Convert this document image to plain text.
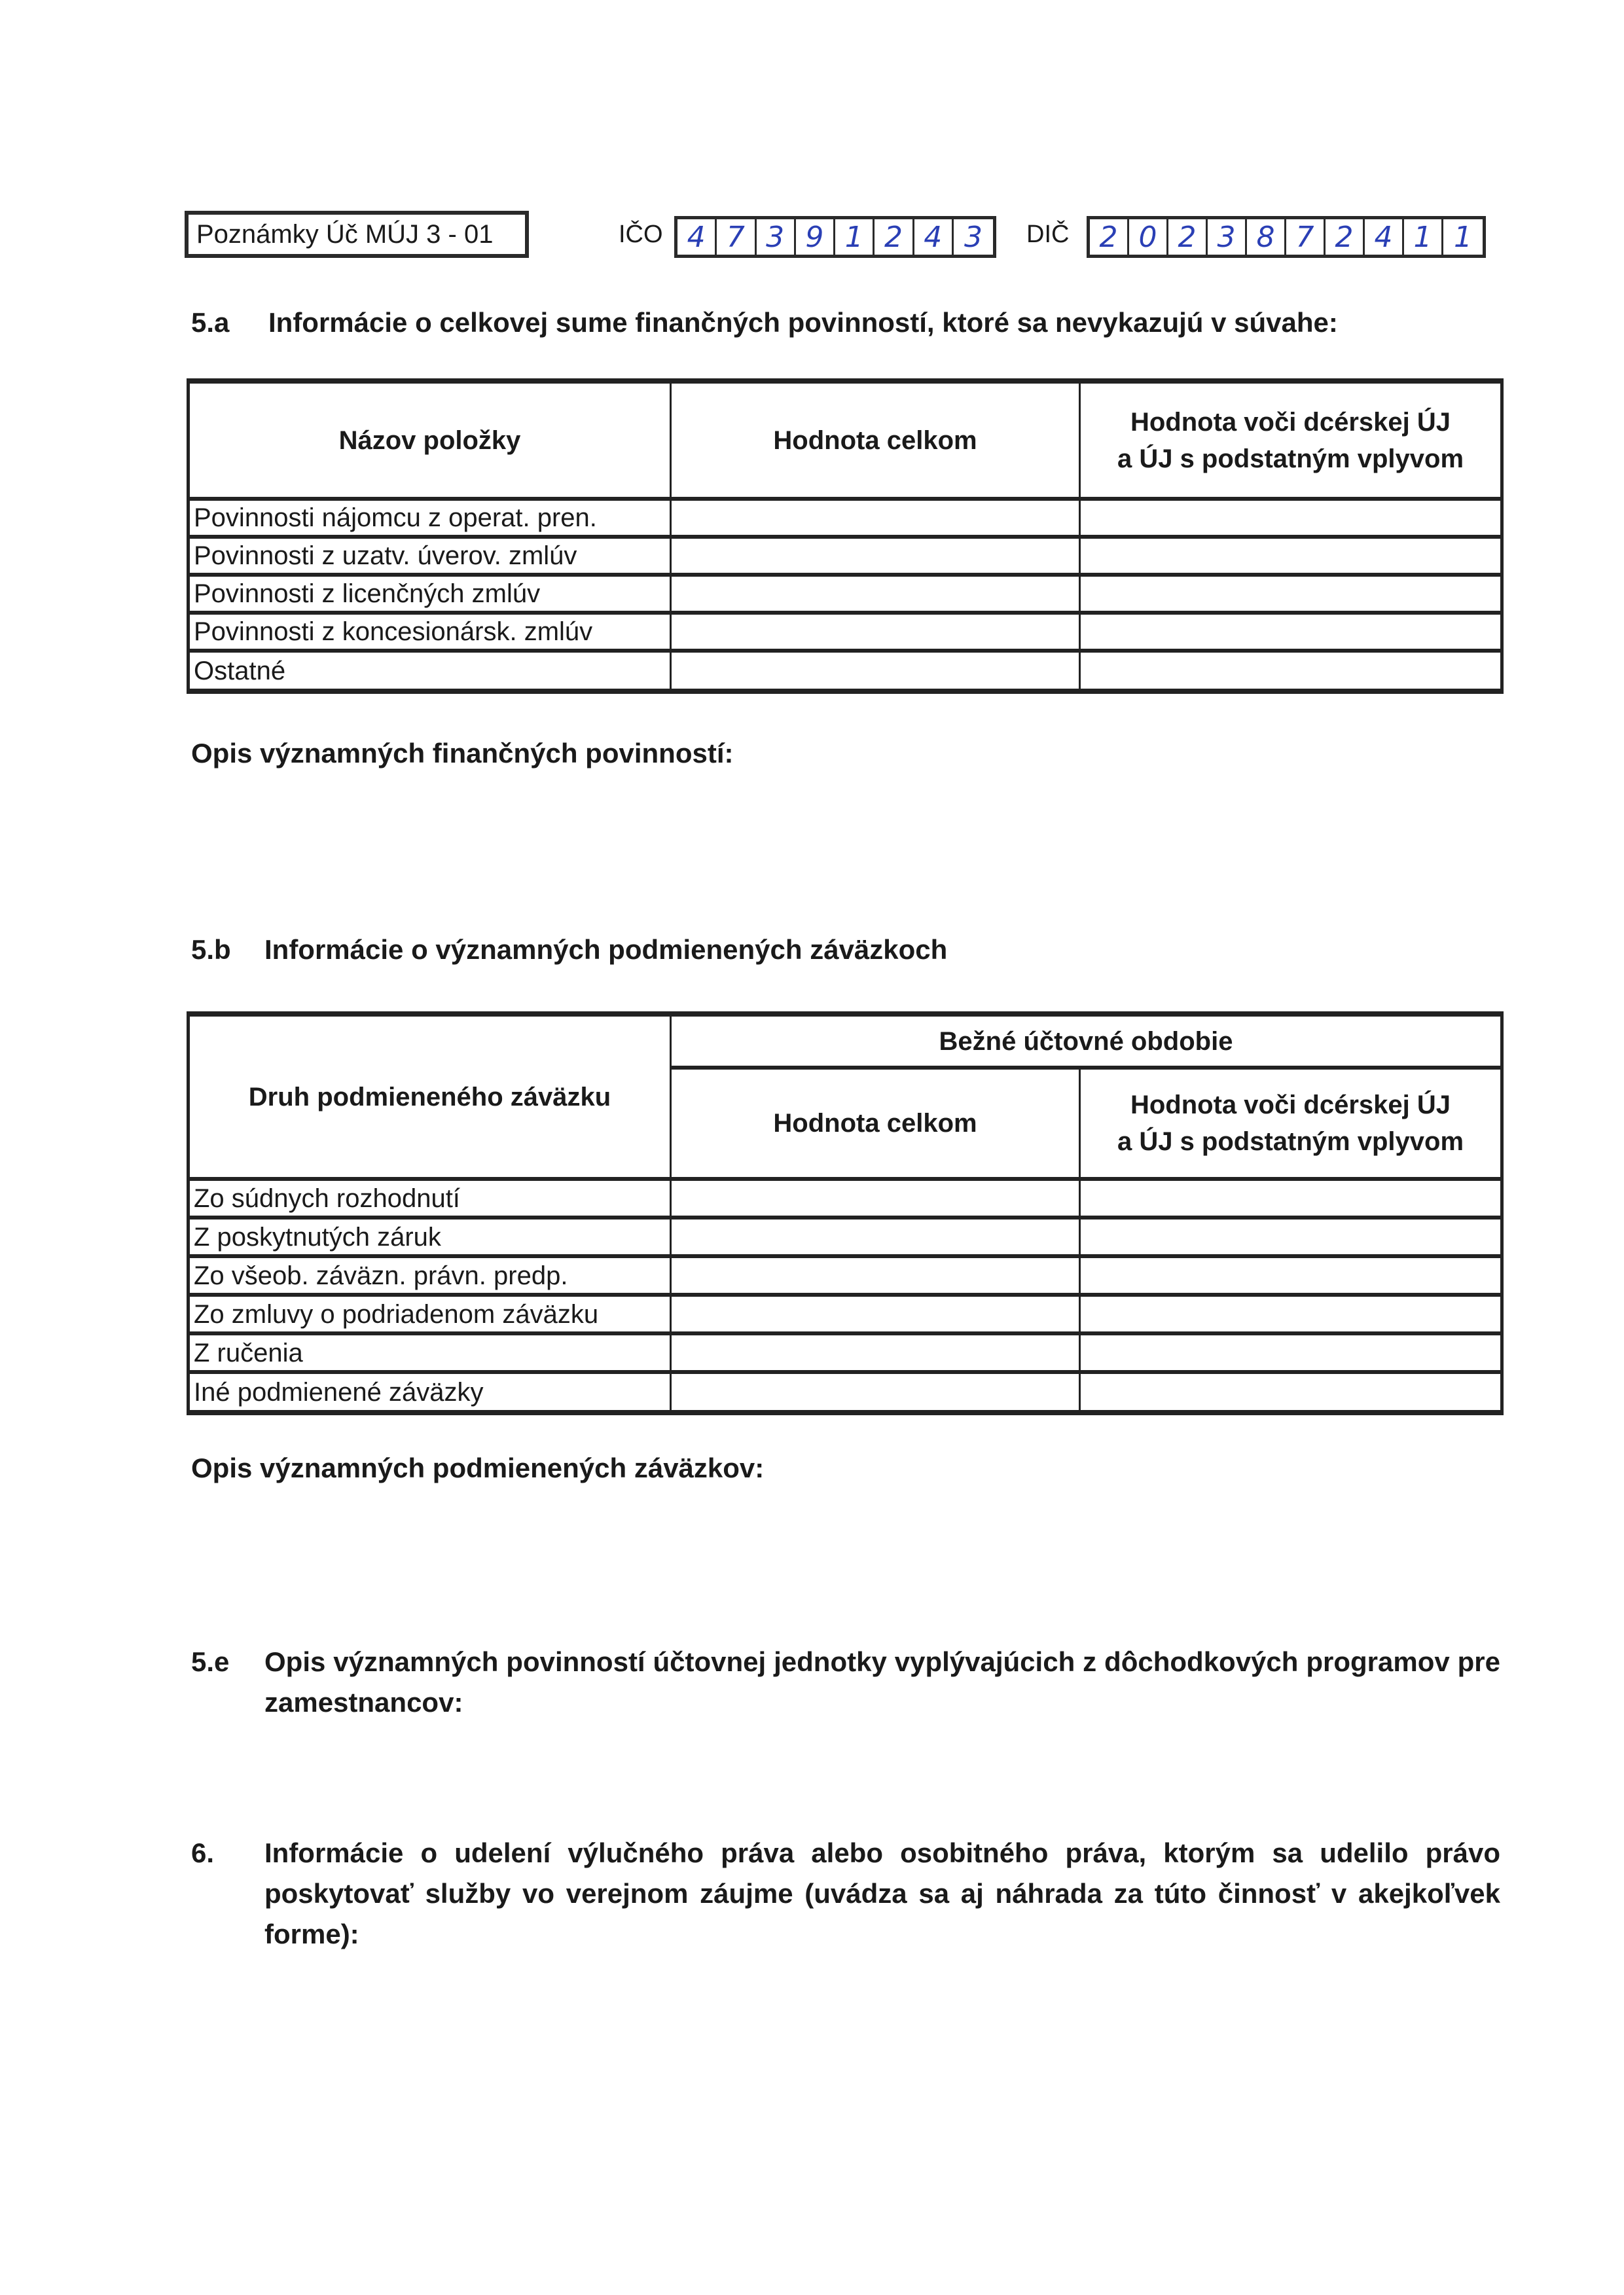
Poznámky Úč MÚJ 3 - 01	IČO 4 7 3 9 1 2 4 3	DIČ	2 0 2 3 8 7 2 4 1 1
5.a Informácie o celkovej sume finančných povinností, ktoré sa nevykazujú v súvahe:
Názov položky	Hodnota celkom	Hodnota voči dcérskej ÚJ
a ÚJ s podstatným vplyvom

Povinnosti nájomcu z operat. pren.		
Povinnosti z uzatv. úverov. zmlúv		
Povinnosti z licenčných zmlúv		
Povinnosti z koncesionársk. zmlúv		
Ostatné		
Opis významných finančných povinností:
5.b Informácie o významných podmienených záväzkoch
Druh podmieneného záväzku	Bežné účtovné obdobie	
	Hodnota celkom	Hodnota voči dcérskej ÚJ
a ÚJ s podstatným vplyvom

Zo súdnych rozhodnutí		
Z poskytnutých záruk		
Zo všeob. záväzn. právn. predp.		
Zo zmluvy o podriadenom záväzku		
Z ručenia		
Iné podmienené záväzky		
Opis významných podmienených záväzkov:
5.e Opis významných povinností účtovnej jednotky vyplývajúcich z dôchodkových programov pre zamestnancov:
6. Informácie o udelení výlučného práva alebo osobitného práva, ktorým sa udelilo právo poskytovať služby vo verejnom záujme (uvádza sa aj náhrada za túto činnosť v akejkoľvek forme):
